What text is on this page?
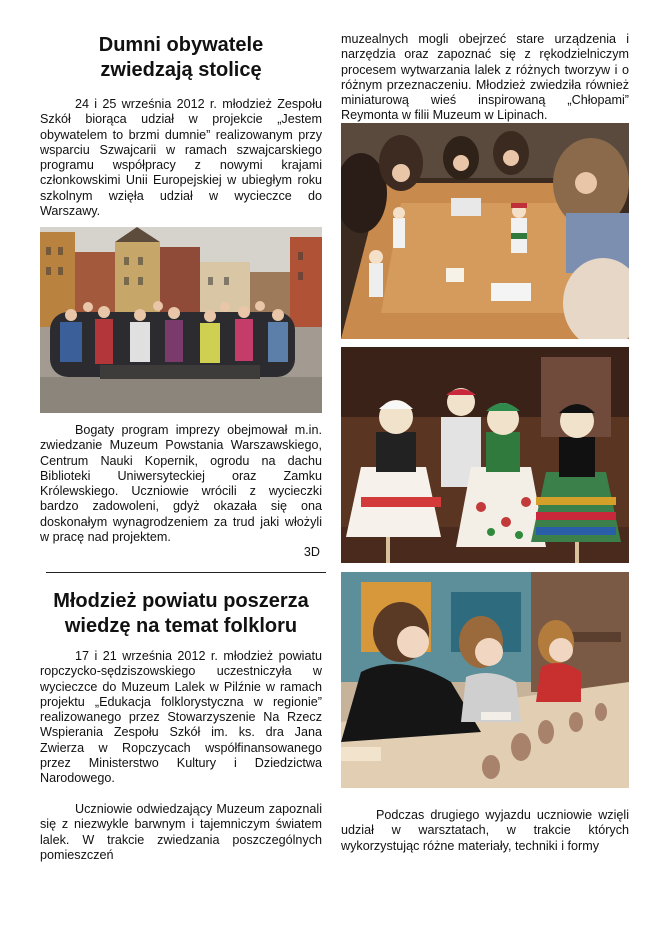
Dumni obywatele

zwiedzają stolicę

24 i 25 września 2012 r. młodzież Zespołu Szkół biorąca udział w projekcie „Jestem obywatelem to brzmi dumnie” realizowanym przy wsparciu Szwajcarii w ramach szwajcarskiego programu współpracy z nowymi krajami członkowskimi Unii Europejskiej w ubiegłym roku szkolnym wzięła udział w wycieczce do Warszawy.

Bogaty program imprezy obejmował m.in. zwiedzanie Muzeum Powstania Warszawskiego, Centrum Nauki Kopernik, ogrodu na dachu Biblioteki Uniwersyteckiej oraz Zamku Królewskiego. Uczniowie wrócili z wycieczki bardzo zadowoleni, gdyż okazała się ona doskonałym wynagrodzeniem za trud jaki włożyli w pracę nad projektem.

3D

Młodzież powiatu poszerza

wiedzę na temat folkloru

17 i 21 września 2012 r. młodzież powiatu ropczycko-sędziszowskiego uczestniczyła w wycieczce do Muzeum Lalek w Pilźnie w ramach projektu „Edukacja folklorystyczna w regionie” realizowanego przez Stowarzyszenie Na Rzecz Wspierania Zespołu Szkół im. ks. dra Jana Zwierza w Ropczycach współfinansowanego przez Ministerstwo Kultury i Dziedzictwa Narodowego.

Uczniowie odwiedzający Muzeum zapoznali się z niezwykle barwnym i tajemniczym światem lalek. W trakcie zwiedzania poszczególnych pomieszczeń

muzealnych mogli obejrzeć stare urządzenia i narzędzia oraz zapoznać się z rękodzielniczym procesem wytwarzania lalek z różnych tworzyw i o różnym przeznaczeniu. Młodzież zwiedziła również miniaturową wieś inspirowaną „Chłopami” Reymonta w filii Muzeum w Lipinach.

Podczas drugiego wyjazdu uczniowie wzięli udział w warsztatach, w trakcie których wykorzystując różne materiały, techniki i formy
